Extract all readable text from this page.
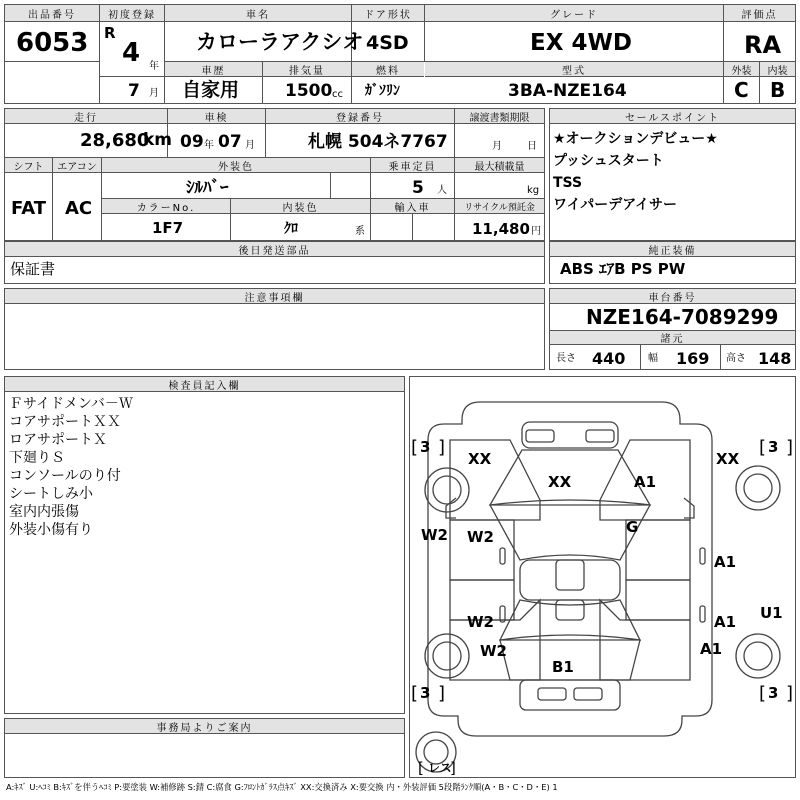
出品番号
6053
初度登録
R
4 年
7 月
車名
カローラアクシオ
ドア形状
4SD
グレード
EX 4WD
評価点
RA
車歴
自家用
排気量
1500 cc
燃料
ｶﾞｿﾘﾝ
型式
3BA-NZE164
外装	内装
C B
走行
28,680
km
車検
09 年 07 月
登録番号
札幌 504ネ7767
譲渡書類期限
月	日
シフト	エアコン
FAT AC
外装色
ｼﾙﾊﾞｰ
乗車定員
5 人
最大積載量
kg
カラーNo.
1F7
内装色
ｸﾛ	系
輸入車	リサイクル預託金
11,480 円
セールスポイント
★オークションデビュー★
プッシュスタート
TSS
ワイパーデアイサー
後日発送部品
保証書
純正装備
ABS ｴｱB PS PW
注意事項欄	車台番号
NZE164-7089299
諸元
長さ 440 幅 169 高さ 148
検査員記入欄
Ｆサイドメンバ－Ｗ
コアサポートＸＸ
ロアサポートＸ
下廻りＳ
コンソールのり付
シートしみ小
室内内張傷
外装小傷有り
事務局よりご案内
3	3
3	3
XX	XX
XX	A1
G
W2 W2
W2
W2
A1
A1
A1
U1
B1
レス
[ ]	[ ]
[ ]	[ ]
[ ]
A:ｷｽﾞ U:ﾍｺﾐ B:ｷｽﾞを伴うﾍｺﾐ P:要塗装 W:補修跡 S:錆 C:腐食 G:ﾌﾛﾝﾄｶﾞﾗｽ点ｷｽﾞ XX:交換済み X:要交換 内・外装評価 5段階ﾗﾝｸ順(A・B・C・D・E) 1
